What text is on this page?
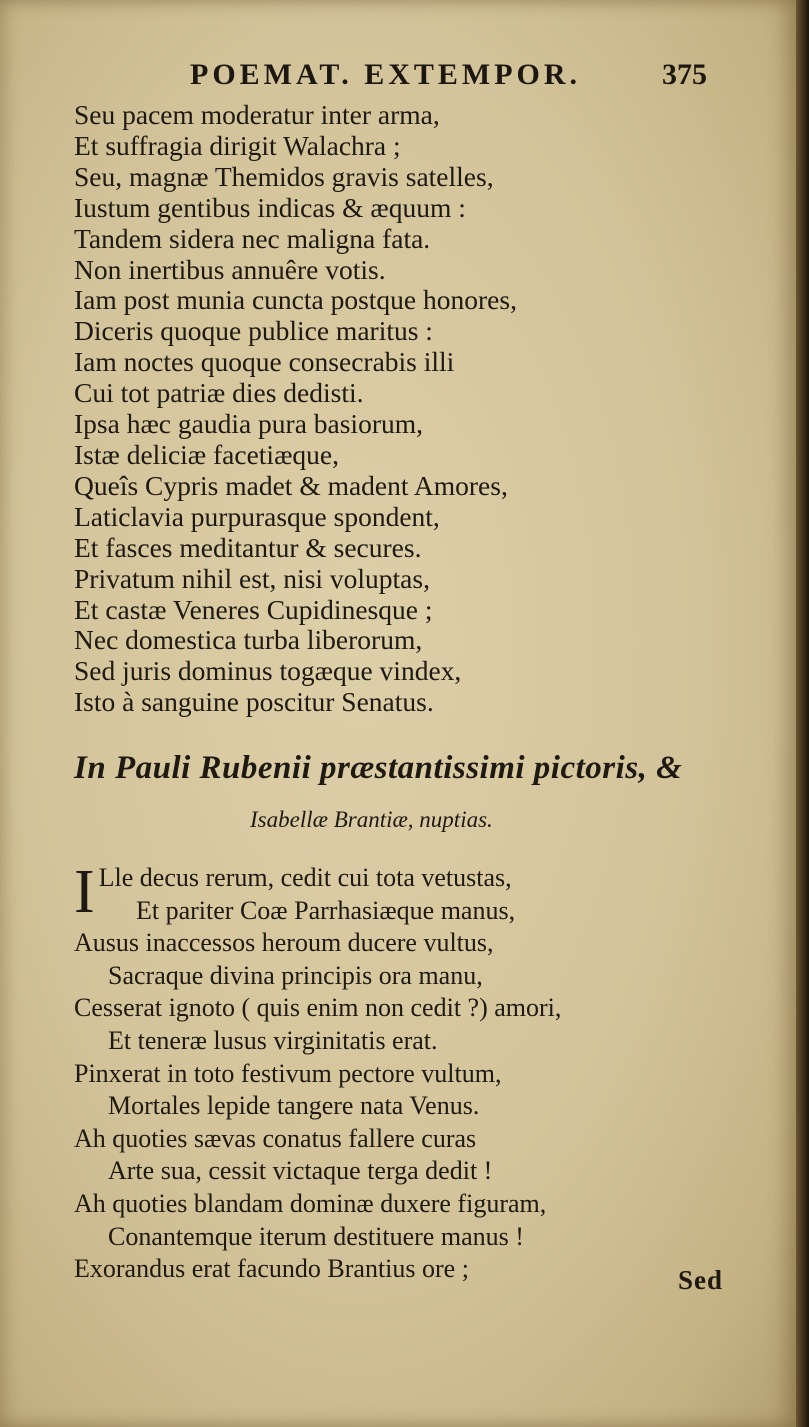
POEMAT. EXTEMPOR.	375
Seu pacem moderatur inter arma,
Et suffragia dirigit Walachra ;
Seu, magnæ Themidos gravis satelles,
Iustum gentibus indicas & æquum :
Tandem sidera nec maligna fata.
Non inertibus annuêre votis.
Iam post munia cuncta postque honores,
Diceris quoque publice maritus :
Iam noctes quoque consecrabis illi
Cui tot patriæ dies dedisti.
Ipsa hæc gaudia pura basiorum,
Istæ deliciæ facetiæque,
Queîs Cypris madet & madent Amores,
Laticlavia purpurasque spondent,
Et fasces meditantur & secures.
Privatum nihil est, nisi voluptas,
Et castæ Veneres Cupidinesque ;
Nec domestica turba liberorum,
Sed juris dominus togæque vindex,
Isto à sanguine poscitur Senatus.
In Pauli Rubenii præstantissimi pictoris, &
Isabellæ Brantiæ, nuptias.
I Lle decus rerum, cedit cui tota vetustas,
Et pariter Coæ Parrhasiæque manus,
Ausus inaccessos heroum ducere vultus,
Sacraque divina principis ora manu,
Cesserat ignoto ( quis enim non cedit ?) amori,
Et teneræ lusus virginitatis erat.
Pinxerat in toto festivum pectore vultum,
Mortales lepide tangere nata Venus.
Ah quoties sævas conatus fallere curas
Arte sua, cessit victaque terga dedit !
Ah quoties blandam dominæ duxere figuram,
Conantemque iterum destituere manus !
Exorandus erat facundo Brantius ore ;	Sed
